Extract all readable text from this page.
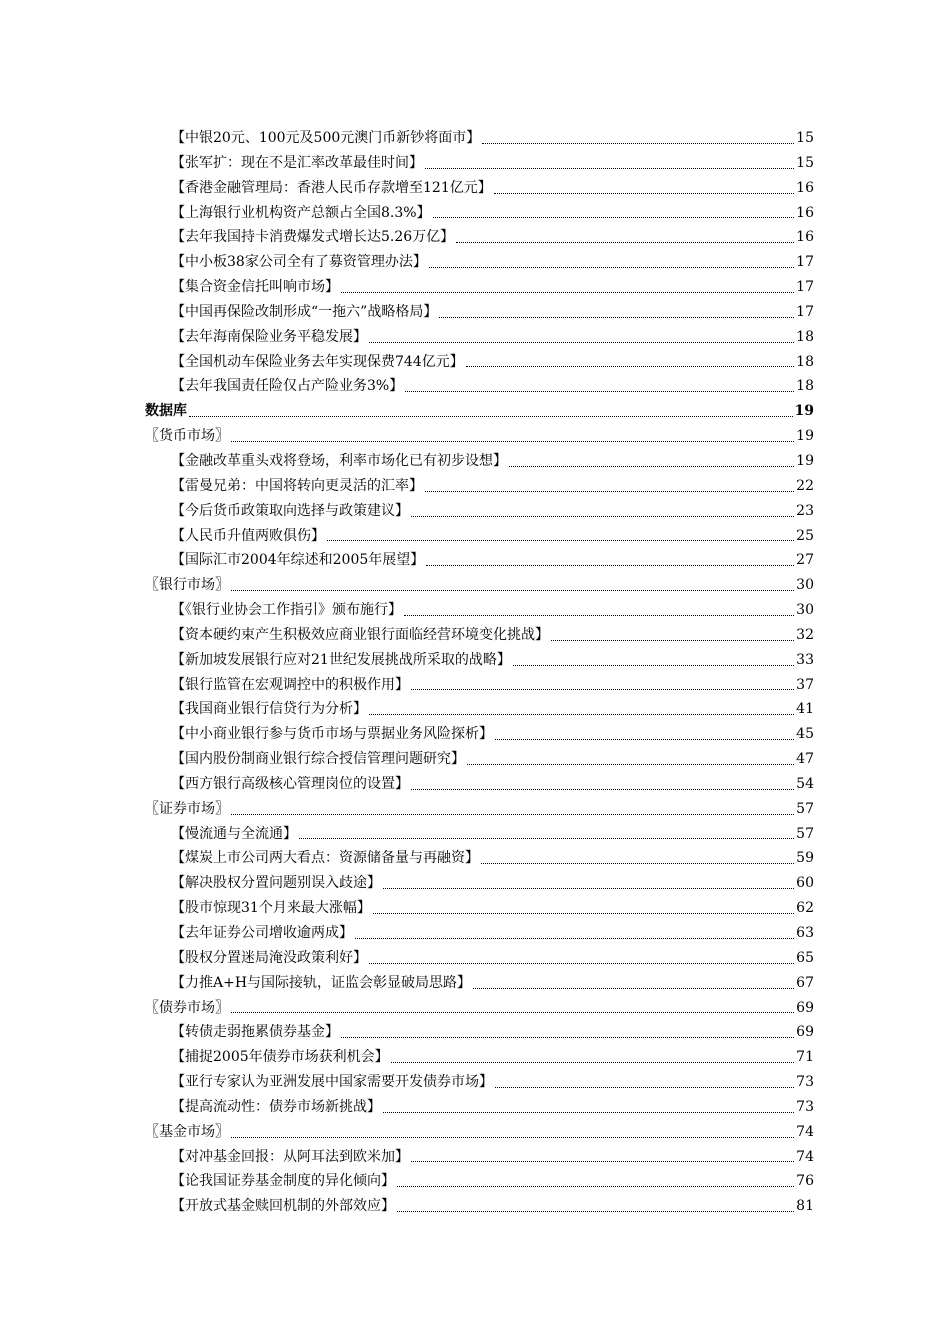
【中银20元、100元及500元澳门币新钞将面市】	15
【张军扩：现在不是汇率改革最佳时间】	15
【香港金融管理局：香港人民币存款增至121亿元】	16
【上海银行业机构资产总额占全国8.3%】	16
【去年我国持卡消费爆发式增长达5.26万亿】	16
【中小板38家公司全有了募资管理办法】	17
【集合资金信托叫响市场】	17
【中国再保险改制形成“一拖六”战略格局】	17
【去年海南保险业务平稳发展】	18
【全国机动车保险业务去年实现保费744亿元】	18
【去年我国责任险仅占产险业务3%】	18
数据库	19
〖货币市场〗	19
【金融改革重头戏将登场，利率市场化已有初步设想】	19
【雷曼兄弟：中国将转向更灵活的汇率】	22
【今后货币政策取向选择与政策建议】	23
【人民币升值两败俱伤】	25
【国际汇市2004年综述和2005年展望】	27
〖银行市场〗	30
【《银行业协会工作指引》颁布施行】	30
【资本硬约束产生积极效应商业银行面临经营环境变化挑战】	32
【新加坡发展银行应对21世纪发展挑战所采取的战略】	33
【银行监管在宏观调控中的积极作用】	37
【我国商业银行信贷行为分析】	41
【中小商业银行参与货币市场与票据业务风险探析】	45
【国内股份制商业银行综合授信管理问题研究】	47
【西方银行高级核心管理岗位的设置】	54
〖证券市场〗	57
【慢流通与全流通】	57
【煤炭上市公司两大看点：资源储备量与再融资】	59
【解决股权分置问题别误入歧途】	60
【股市惊现31个月来最大涨幅】	62
【去年证券公司增收逾两成】	63
【股权分置迷局淹没政策利好】	65
【力推A+H与国际接轨，证监会彰显破局思路】	67
〖债券市场〗	69
【转债走弱拖累债券基金】	69
【捕捉2005年债券市场获利机会】	71
【亚行专家认为亚洲发展中国家需要开发债券市场】	73
【提高流动性：债券市场新挑战】	73
〖基金市场〗	74
【对冲基金回报：从阿耳法到欧米加】	74
【论我国证券基金制度的异化倾向】	76
【开放式基金赎回机制的外部效应】	81
